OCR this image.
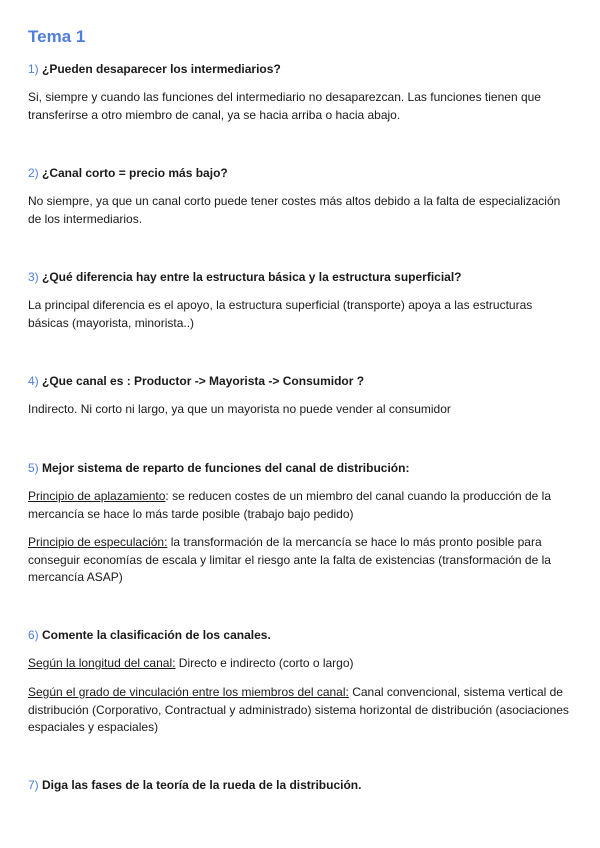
Tema 1

1) ¿Pueden desaparecer los intermediarios?

Si, siempre y cuando las funciones del intermediario no desaparezcan. Las funciones tienen que transferirse a otro miembro de canal, ya se hacia arriba o hacia abajo.

2) ¿Canal corto = precio más bajo?

No siempre, ya que un canal corto puede tener costes más altos debido a la falta de especialización de los intermediarios.

3) ¿Qué diferencia hay entre la estructura básica y la estructura superficial?

La principal diferencia es el apoyo, la estructura superficial (transporte) apoya a las estructuras básicas (mayorista, minorista..)

4) ¿Que canal es : Productor -> Mayorista -> Consumidor ?

Indirecto. Ni corto ni largo, ya que un mayorista no puede vender al consumidor

5) Mejor sistema de reparto de funciones del canal de distribución:

Principio de aplazamiento: se reducen costes de un miembro del canal cuando la producción de la mercancía se hace lo más tarde posible (trabajo bajo pedido)

Principio de especulación: la transformación de la mercancía se hace lo más pronto posible para conseguir economías de escala y limitar el riesgo ante la falta de existencias (transformación de la mercancía ASAP)

6) Comente la clasificación de los canales.

Según la longitud del canal: Directo e indirecto (corto o largo)

Según el grado de vinculación entre los miembros del canal: Canal convencional, sistema vertical de distribución (Corporativo, Contractual y administrado) sistema horizontal de distribución (asociaciones espaciales y espaciales)

7) Diga las fases de la teoría de la rueda de la distribución.
